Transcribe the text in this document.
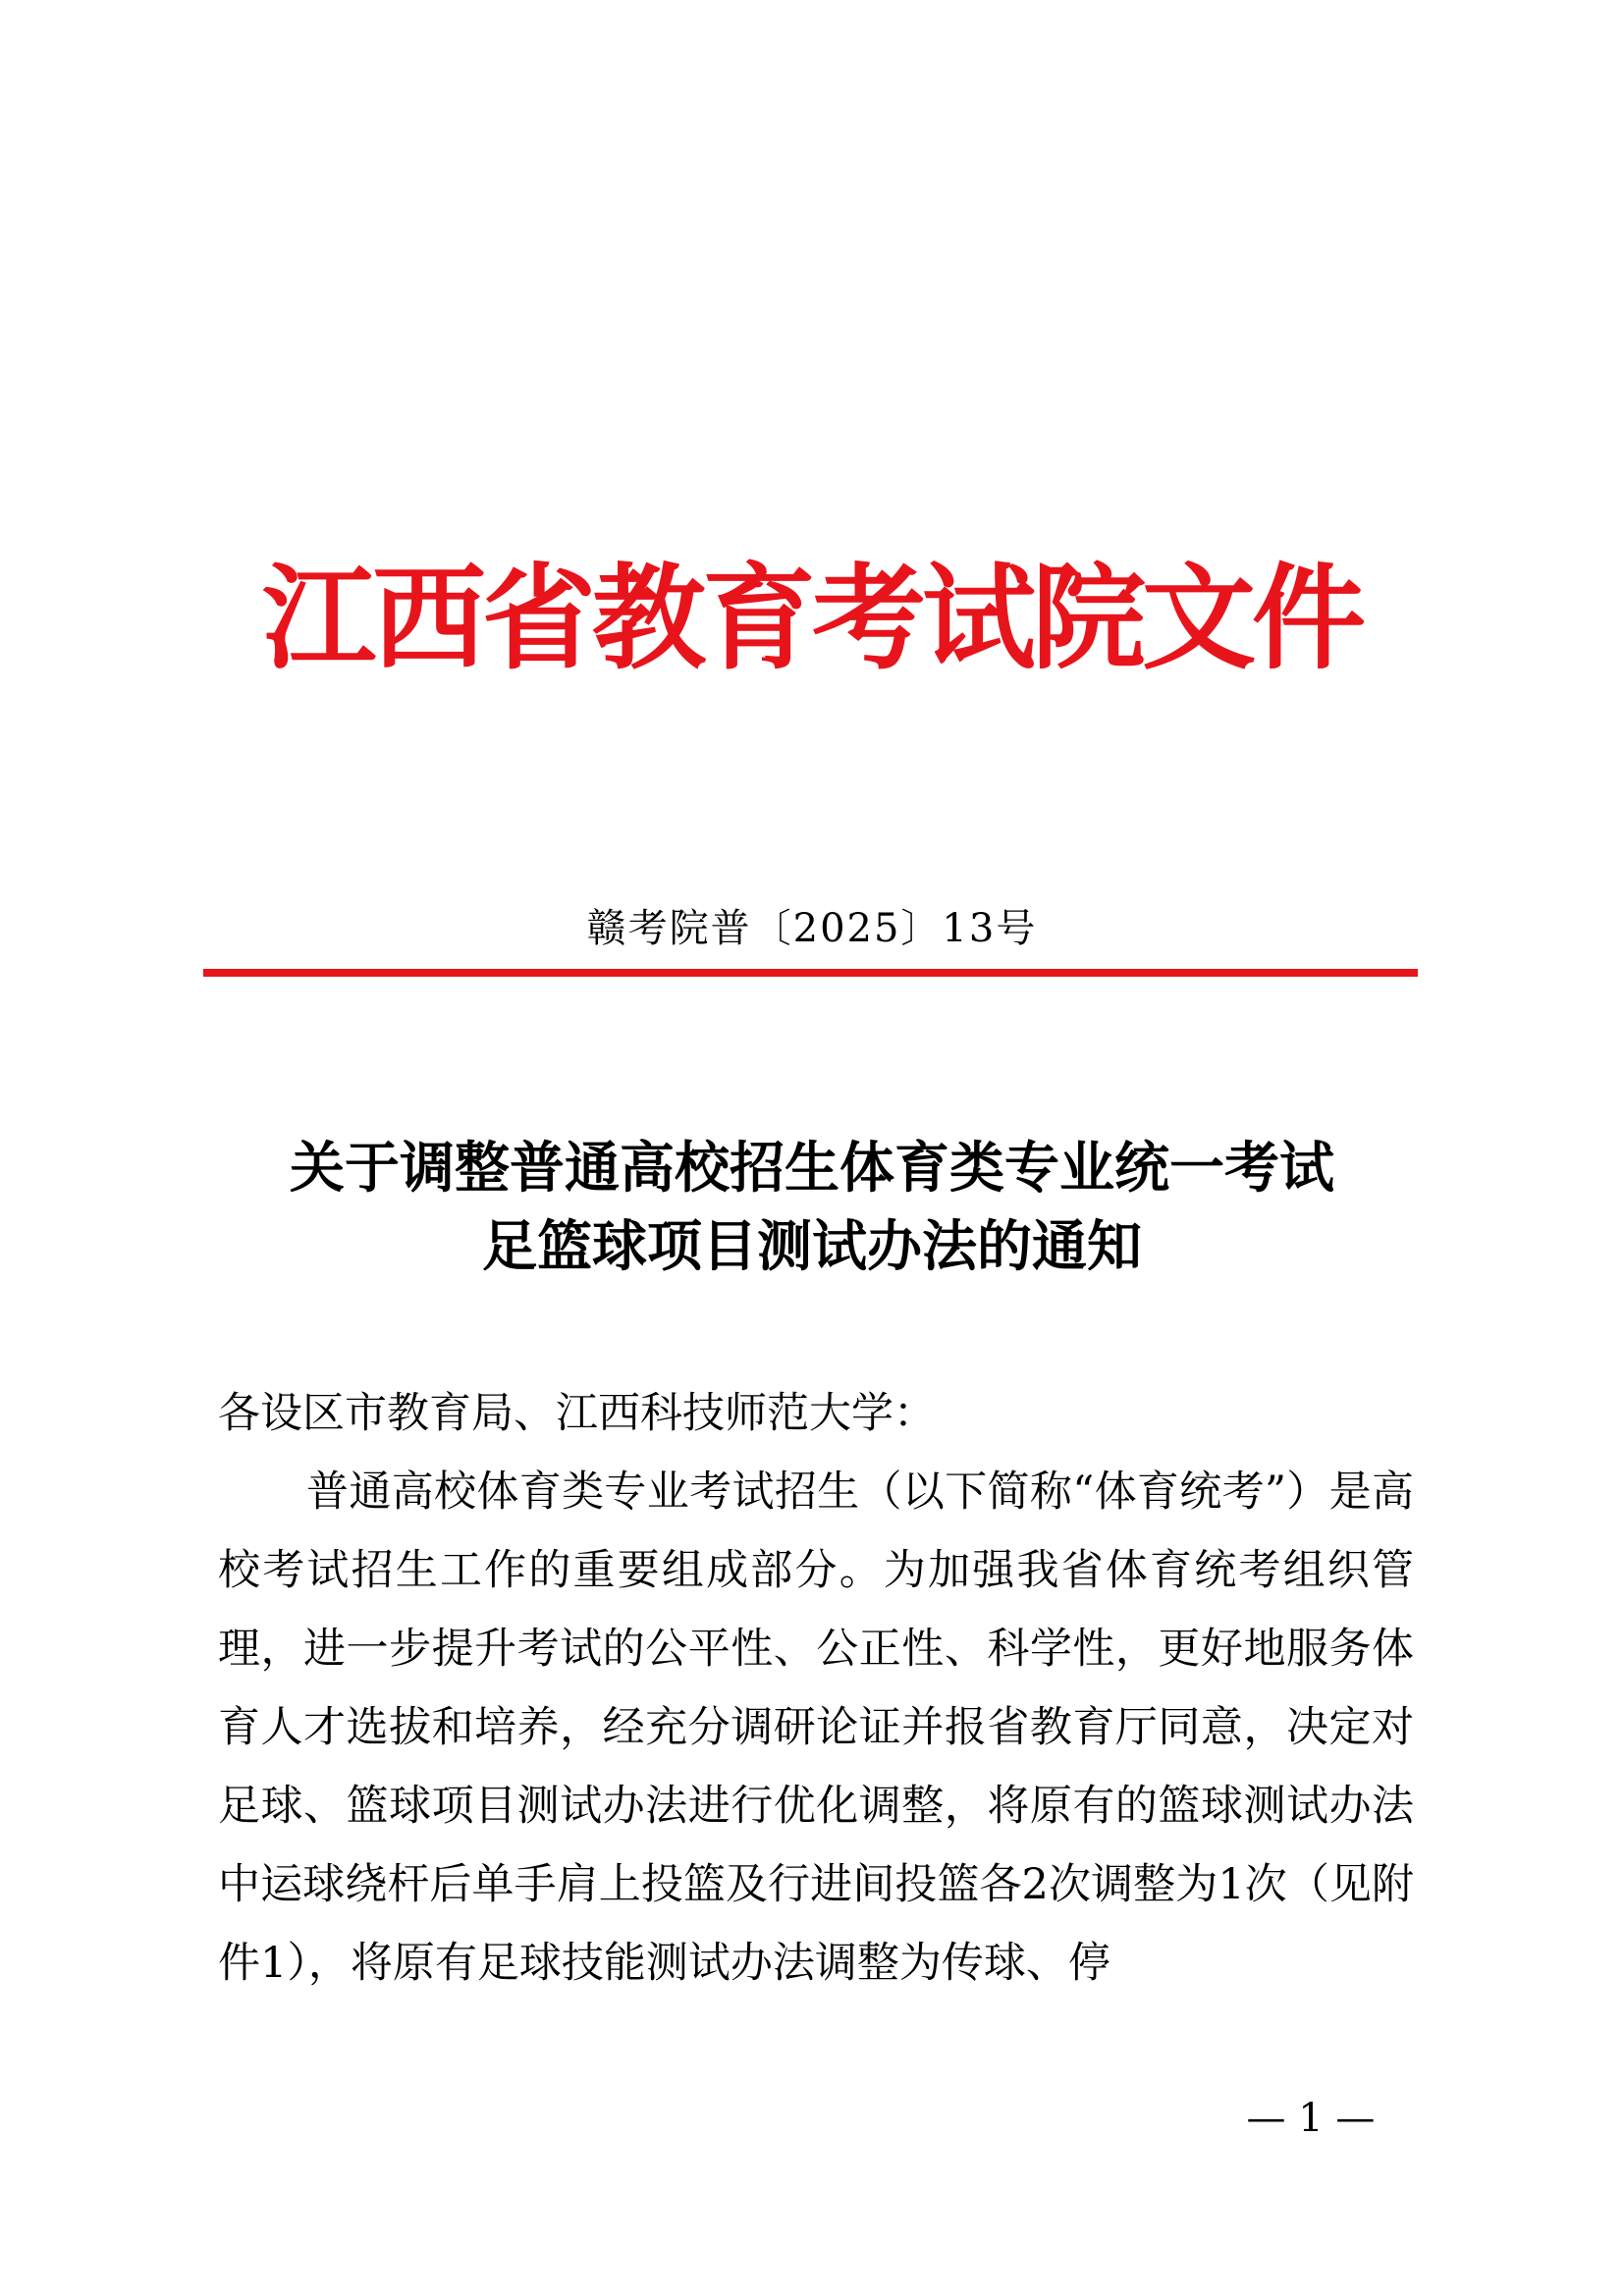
江西省教育考试院文件
赣考院普〔2025〕13号
关于调整普通高校招生体育类专业统一考试
足篮球项目测试办法的通知

各设区市教育局、江西科技师范大学：

普通高校体育类专业考试招生（以下简称“体育统考”）是高校考试招生工作的重要组成部分。为加强我省体育统考组织管理，进一步提升考试的公平性、公正性、科学性，更好地服务体育人才选拔和培养，经充分调研论证并报省教育厅同意，决定对足球、篮球项目测试办法进行优化调整，将原有的篮球测试办法中运球绕杆后单手肩上投篮及行进间投篮各2次调整为1次（见附件1），将原有足球技能测试办法调整为传球、停

— 1 —
